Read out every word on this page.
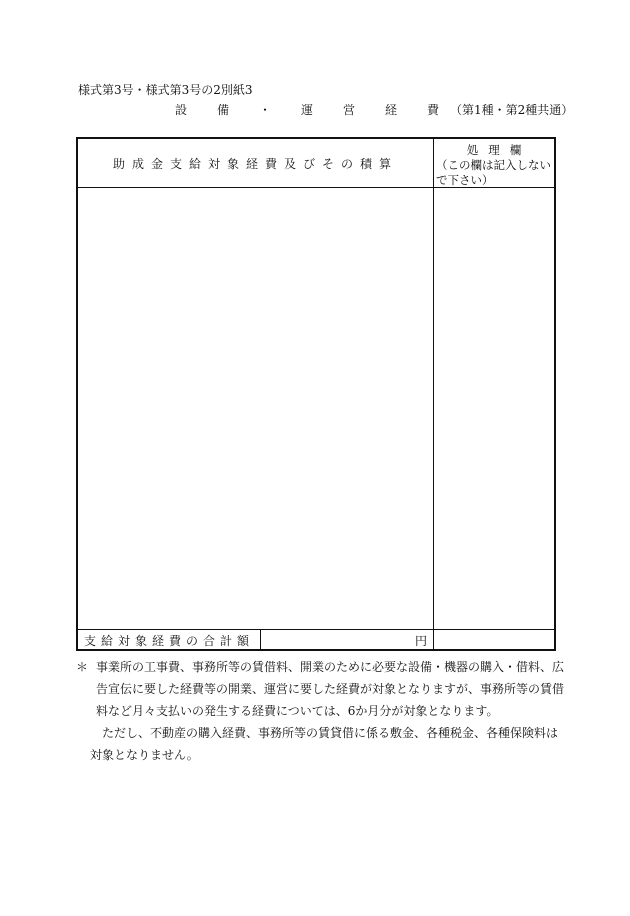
様式第3号・様式第3号の2別紙3
設　備　・　運　営　経　費 （第1種・第2種共通）
助成金支給対象経費及びその積算
処理欄
（この欄は記入しないで下さい）
支給対象経費の合計額	円
＊ 事業所の工事費、事務所等の賃借料、開業のために必要な設備・機器の購入・借料、広告宣伝に要した経費等の開業、運営に要した経費が対象となりますが、事務所等の賃借料など月々支払いの発生する経費については、6か月分が対象となります。
ただし、不動産の購入経費、事務所等の賃貸借に係る敷金、各種税金、各種保険料は対象となりません。
